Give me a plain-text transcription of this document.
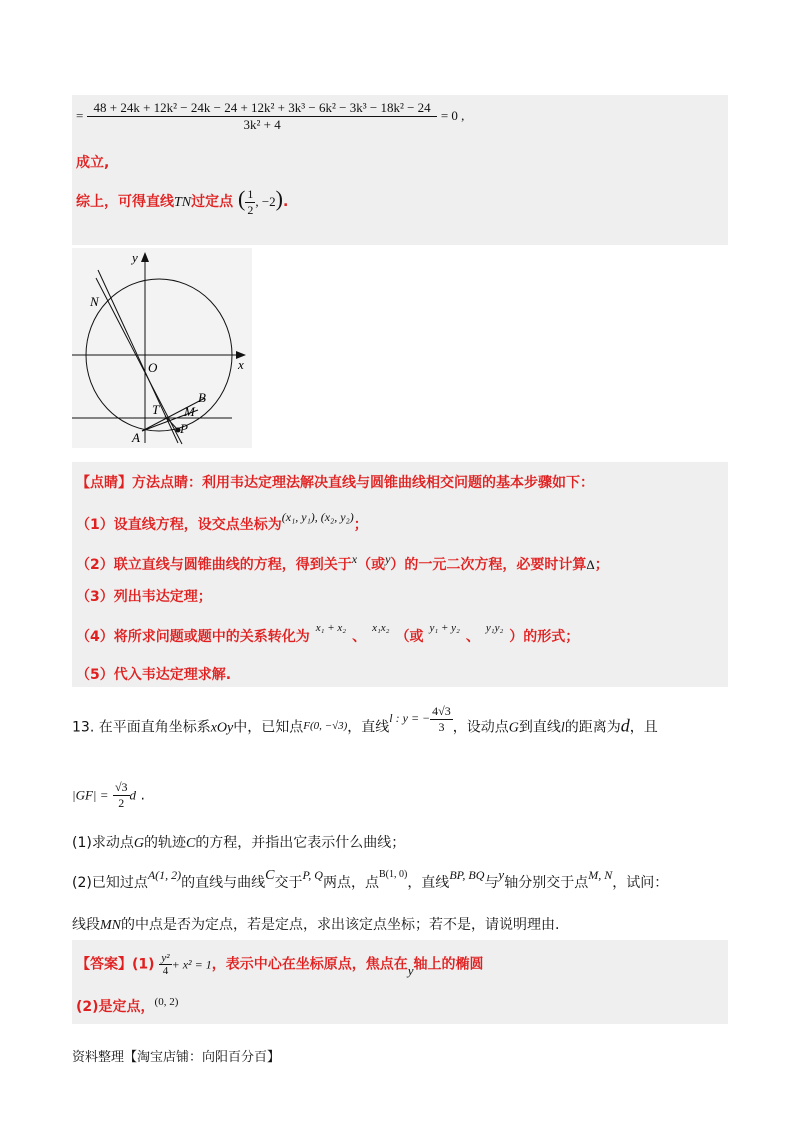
=
48 + 24k + 12k² − 24k − 24 + 12k² + 3k³ − 6k² − 3k³ − 18k² − 24
3k² + 4
= 0 ,
成立,
综上，可得直线TN过定点 ( $\frac{1}{2}$ , −2).
y
x
O
N
B
T M
A
P
【点睛】方法点睛：利用韦达定理法解决直线与圆锥曲线相交问题的基本步骤如下：
（1）设直线方程，设交点坐标为(x₁, y₁), (x₂, y₂)；
（2）联立直线与圆锥曲线的方程，得到关于x（或y）的一元二次方程，必要时计算Δ；
（3）列出韦达定理；
（4）将所求问题或题中的关系转化为$^{x_1 + x_2}$、$^{x_1x_2}$（或$^{y_1 + y_2}$、$^{y_1y_2}$）的形式；
（5）代入韦达定理求解.
13. 在平面直角坐标系xOy中，已知点$^{F(0, -√3)}$，直线l : y = − $\frac{4√3}{3}$ ，设动点G到直线l的距离为d，且
$|GF| = \frac{√3}{2}$ d .
(1)求动点G的轨迹C的方程，并指出它表示什么曲线；
(2)已知过点A(1, 2)的直线与曲线C交于P, Q两点，点$^{B(1, 0)}$，直线BP, BQ与y轴分别交于点M, N，试问：
线段MN的中点是否为定点，若是定点，求出该定点坐标；若不是，请说明理由.
【答案】$(1) \frac{\text{y²}}{4} + x^2 = 1$，表示中心在坐标原点，焦点在y轴上的椭圆
(2)是定点，$^{(0, 2)}$
资料整理【淘宝店铺：向阳百分百】
